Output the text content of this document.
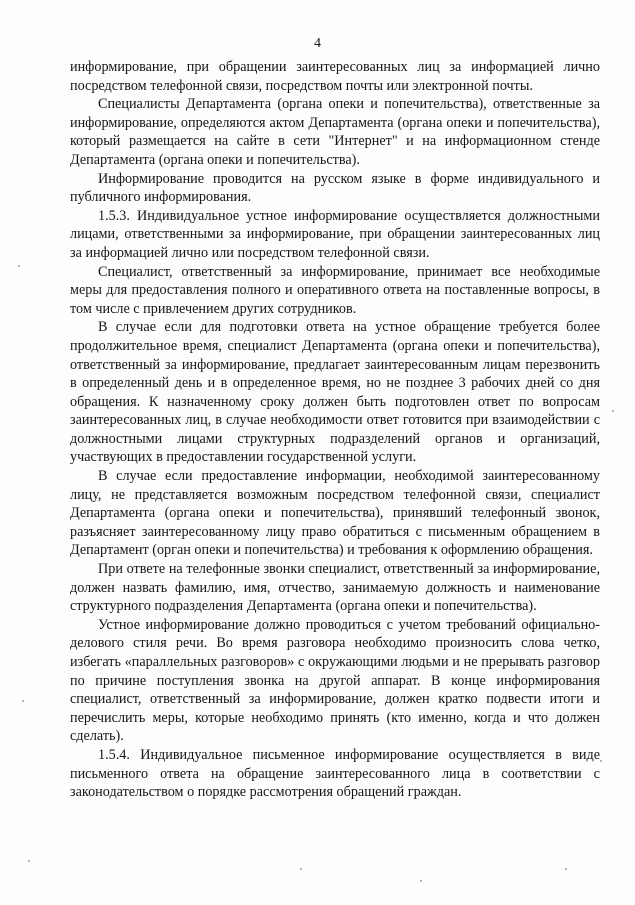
4

информирование, при обращении заинтересованных лиц за информацией лично посредством телефонной связи, посредством почты или электронной почты.

Специалисты Департамента (органа опеки и попечительства), ответственные за информирование, определяются актом Департамента (органа опеки и попечительства), который размещается на сайте в сети "Интернет" и на информационном стенде Департамента (органа опеки и попечительства).

Информирование проводится на русском языке в форме индивидуального и публичного информирования.

1.5.3. Индивидуальное устное информирование осуществляется должностными лицами, ответственными за информирование, при обращении заинтересованных лиц за информацией лично или посредством телефонной связи.

Специалист, ответственный за информирование, принимает все необходимые меры для предоставления полного и оперативного ответа на поставленные вопросы, в том числе с привлечением других сотрудников.

В случае если для подготовки ответа на устное обращение требуется более продолжительное время, специалист Департамента (органа опеки и попечительства), ответственный за информирование, предлагает заинтересованным лицам перезвонить в определенный день и в определенное время, но не позднее 3 рабочих дней со дня обращения. К назначенному сроку должен быть подготовлен ответ по вопросам заинтересованных лиц, в случае необходимости ответ готовится при взаимодействии с должностными лицами структурных подразделений органов и организаций, участвующих в предоставлении государственной услуги.

В случае если предоставление информации, необходимой заинтересованному лицу, не представляется возможным посредством телефонной связи, специалист Департамента (органа опеки и попечительства), принявший телефонный звонок, разъясняет заинтересованному лицу право обратиться с письменным обращением в Департамент (орган опеки и попечительства) и требования к оформлению обращения.

При ответе на телефонные звонки специалист, ответственный за информирование, должен назвать фамилию, имя, отчество, занимаемую должность и наименование структурного подразделения Департамента (органа опеки и попечительства).

Устное информирование должно проводиться с учетом требований официально-делового стиля речи. Во время разговора необходимо произносить слова четко, избегать «параллельных разговоров» с окружающими людьми и не прерывать разговор по причине поступления звонка на другой аппарат. В конце информирования специалист, ответственный за информирование, должен кратко подвести итоги и перечислить меры, которые необходимо принять (кто именно, когда и что должен сделать).

1.5.4. Индивидуальное письменное информирование осуществляется в виде письменного ответа на обращение заинтересованного лица в соответствии с законодательством о порядке рассмотрения обращений граждан.
